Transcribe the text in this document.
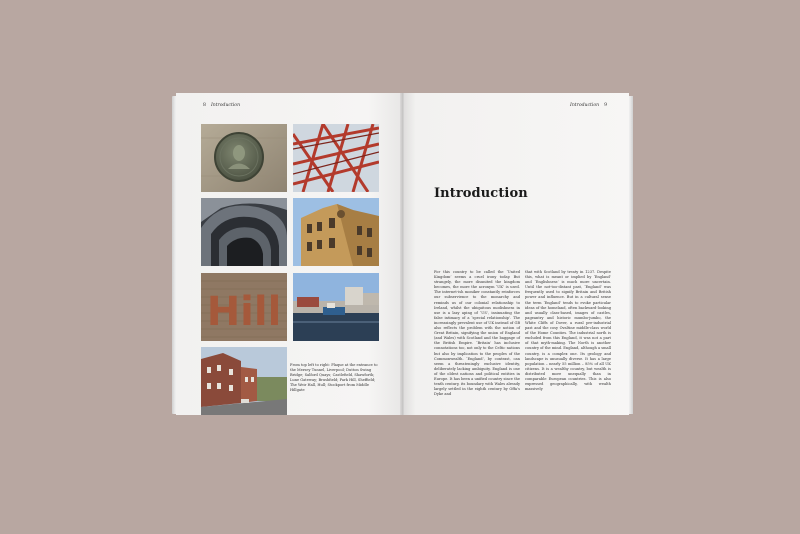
8 Introduction
Hill
From top left to right: Plaque at the entrance to the Mersey Tunnel, Liverpool; Dutton Swing Bridge; Salford Quays; Castlefield, Shawforth; Lune Gateway; Brushfield; Park Hill, Sheffield; The Weir Hall, Hull; Stockport from Middle Hillgate
Introduction 9
Introduction
For this country to be called the ‘United Kingdom’ seems a cruel irony today. But strangely, the more disunited the kingdom becomes, the more the acronym ‘UK’ is used. The internet-ish moniker constantly reinforces our subservience to the monarchy and reminds us of our colonial relationship to Ireland, whilst the ubiquitous modishness in use is a lazy aping of ‘US’, insinuating the false intimacy of a ‘special relationship’. The increasingly prevalent use of UK instead of GB also reflects the problem with the notion of Great Britain, signifying the union of England (and Wales) with Scotland and the baggage of the British Empire. ‘Britain’ has inclusive connotations too, not only to the Celtic nations but also by implication to the peoples of the Commonwealth. ‘England’, by contrast, can seem a threateningly exclusive identity, deliberately lacking ambiguity. England is one of the oldest nations and political entities in Europe. It has been a unified country since the tenth century, its boundary with Wales already largely settled in the eighth century by Offa’s Dyke and
that with Scotland by treaty in 1237. Despite this, what is meant or implied by ‘England’ and ‘Englishness’ is much more uncertain. Until the not-too-distant past, ‘England’ was frequently used to signify Britain and British power and influence. But in a cultural sense the term ‘England’ tends to evoke particular ideas of the homeland, often backward-looking and usually class-based, images of castles, pageantry and historic mumbo-jumbo, the White Cliffs of Dover, a rural pre-industrial past and the cosy Ovaltine middle-class world of the Home Counties. The industrial north is excluded from this England, it was not a part of that myth-making. The North is another country of the mind. England, although a small country, is a complex one. Its geology and landscape is unusually diverse. It has a large population – nearly 55 million – 85% of all UK citizens. It is a wealthy country, but wealth is distributed more unequally than in comparable European countries. This is also expressed geographically, with wealth massively
